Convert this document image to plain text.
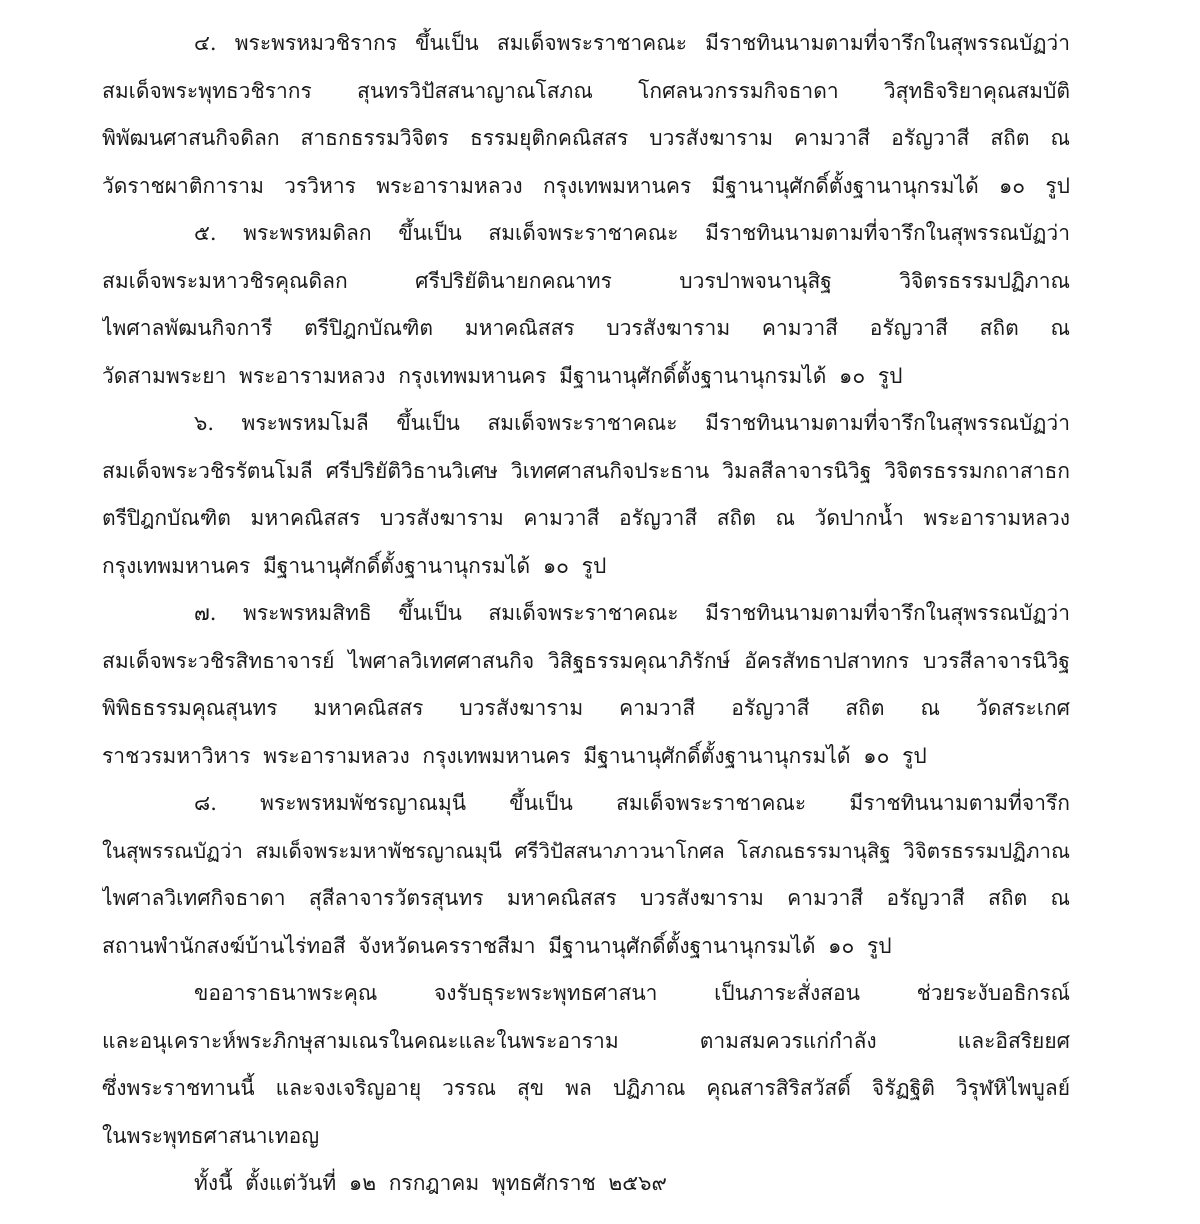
๔. พระพรหมวชิรากร ขึ้นเป็น สมเด็จพระราชาคณะ มีราชทินนามตามที่จารึกในสุพรรณบัฏว่า
สมเด็จพระพุทธวชิรากร สุนทรวิปัสสนาญาณโสภณ โกศลนวกรรมกิจธาดา วิสุทธิจริยาคุณสมบัติ
พิพัฒนศาสนกิจดิลก สาธกธรรมวิจิตร ธรรมยุติกคณิสสร บวรสังฆาราม คามวาสี อรัญวาสี สถิต ณ
วัดราชผาติการาม วรวิหาร พระอารามหลวง กรุงเทพมหานคร มีฐานานุศักดิ์ตั้งฐานานุกรมได้ ๑๐ รูป
๕. พระพรหมดิลก ขึ้นเป็น สมเด็จพระราชาคณะ มีราชทินนามตามที่จารึกในสุพรรณบัฏว่า
สมเด็จพระมหาวชิรคุณดิลก ศรีปริยัตินายกคณาทร บวรปาพจนานุสิฐ วิจิตรธรรมปฏิภาณ
ไพศาลพัฒนกิจการี ตรีปิฎกบัณฑิต มหาคณิสสร บวรสังฆาราม คามวาสี อรัญวาสี สถิต ณ
วัดสามพระยา พระอารามหลวง กรุงเทพมหานคร มีฐานานุศักดิ์ตั้งฐานานุกรมได้ ๑๐ รูป
๖. พระพรหมโมลี ขึ้นเป็น สมเด็จพระราชาคณะ มีราชทินนามตามที่จารึกในสุพรรณบัฏว่า
สมเด็จพระวชิรรัตนโมลี ศรีปริยัติวิธานวิเศษ วิเทศศาสนกิจประธาน วิมลสีลาจารนิวิฐ วิจิตรธรรมกถาสาธก
ตรีปิฎกบัณฑิต มหาคณิสสร บวรสังฆาราม คามวาสี อรัญวาสี สถิต ณ วัดปากน้ำ พระอารามหลวง
กรุงเทพมหานคร มีฐานานุศักดิ์ตั้งฐานานุกรมได้ ๑๐ รูป
๗. พระพรหมสิทธิ ขึ้นเป็น สมเด็จพระราชาคณะ มีราชทินนามตามที่จารึกในสุพรรณบัฏว่า
สมเด็จพระวชิรสิทธาจารย์ ไพศาลวิเทศศาสนกิจ วิสิฐธรรมคุณาภิรักษ์ อัครสัทธาปสาทกร บวรสีลาจารนิวิฐ
พิพิธธรรมคุณสุนทร มหาคณิสสร บวรสังฆาราม คามวาสี อรัญวาสี สถิต ณ วัดสระเกศ
ราชวรมหาวิหาร พระอารามหลวง กรุงเทพมหานคร มีฐานานุศักดิ์ตั้งฐานานุกรมได้ ๑๐ รูป
๘. พระพรหมพัชรญาณมุนี ขึ้นเป็น สมเด็จพระราชาคณะ มีราชทินนามตามที่จารึก
ในสุพรรณบัฏว่า สมเด็จพระมหาพัชรญาณมุนี ศรีวิปัสสนาภาวนาโกศล โสภณธรรมานุสิฐ วิจิตรธรรมปฏิภาณ
ไพศาลวิเทศกิจธาดา สุสีลาจารวัตรสุนทร มหาคณิสสร บวรสังฆาราม คามวาสี อรัญวาสี สถิต ณ
สถานพำนักสงฆ์บ้านไร่ทอสี จังหวัดนครราชสีมา มีฐานานุศักดิ์ตั้งฐานานุกรมได้ ๑๐ รูป
ขออาราธนาพระคุณ จงรับธุระพระพุทธศาสนา เป็นภาระสั่งสอน ช่วยระงับอธิกรณ์
และอนุเคราะห์พระภิกษุสามเณรในคณะและในพระอาราม ตามสมควรแก่กำลัง และอิสริยยศ
ซึ่งพระราชทานนี้ และจงเจริญอายุ วรรณ สุข พล ปฏิภาณ คุณสารสิริสวัสดิ์ จิรัฏฐิติ วิรุฬหิไพบูลย์
ในพระพุทธศาสนาเทอญ
ทั้งนี้ ตั้งแต่วันที่ ๑๒ กรกฎาคม พุทธศักราช ๒๕๖๙
